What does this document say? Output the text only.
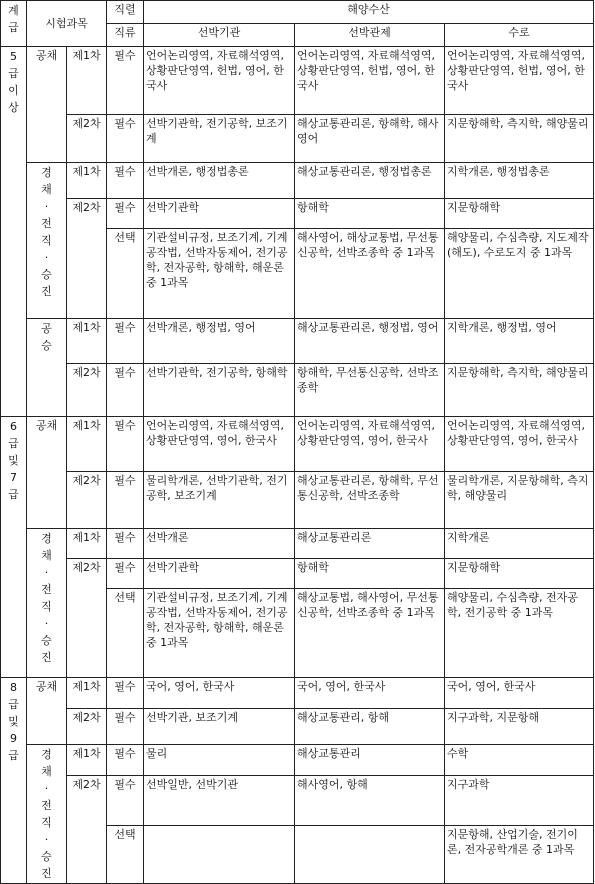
계급	시험과목		직렬	해양수산		
			직류	선박기관	선박관제	수로
5급이상	공채	제1차	필수	언어논리영역, 자료해석영역, 상황판단영역, 헌법, 영어, 한국사	언어논리영역, 자료해석영역, 상황판단영역, 헌법, 영어, 한국사	언어논리영역, 자료해석영역, 상황판단영역, 헌법, 영어, 한국사
		제2차	필수	선박기관학, 전기공학, 보조기계	해상교통관리론, 항해학, 해사영어	지문항해학, 측지학, 해양물리
	경채·전직·승진	제1차	필수	선박개론, 행정법총론	해상교통관리론, 행정법총론	지학개론, 행정법총론
		제2차	필수	선박기관학	항해학	지문항해학
			선택	기관설비규정, 보조기계, 기계공작법, 선박자동제어, 전기공학, 전자공학, 항해학, 해운론 중 1과목	해사영어, 해상교통법, 무선통신공학, 선박조종학 중 1과목	해양물리, 수심측량, 지도제작(해도), 수로도지 중 1과목
	공승	제1차	필수	선박개론, 행정법, 영어	해상교통관리론, 행정법, 영어	지학개론, 행정법, 영어
		제2차	필수	선박기관학, 전기공학, 항해학	항해학, 무선통신공학, 선박조종학	지문항해학, 측지학, 해양물리
6급및7급	공채	제1차	필수	언어논리영역, 자료해석영역, 상황판단영역, 영어, 한국사	언어논리영역, 자료해석영역, 상황판단영역, 영어, 한국사	언어논리영역, 자료해석영역, 상황판단영역, 영어, 한국사
		제2차	필수	물리학개론, 선박기관학, 전기공학, 보조기계	해상교통관리론, 항해학, 무선통신공학, 선박조종학	물리학개론, 지문항해학, 측지학, 해양물리
	경채·전직·승진	제1차	필수	선박개론	해상교통관리론	지학개론
		제2차	필수	선박기관학	항해학	지문항해학
			선택	기관설비규정, 보조기계, 기계공작법, 선박자동제어, 전기공학, 전자공학, 항해학, 해운론 중 1과목	해상교통법, 해사영어, 무선통신공학, 선박조종학 중 1과목	해양물리, 수심측량, 전자공학, 전기공학 중 1과목
8급및9급	공채	제1차	필수	국어, 영어, 한국사	국어, 영어, 한국사	국어, 영어, 한국사
		제2차	필수	선박기관, 보조기계	해상교통관리, 항해	지구과학, 지문항해
	경채·전직·승진	제1차	필수	물리	해상교통관리	수학
		제2차	필수	선박일반, 선박기관	해사영어, 항해	지구과학
			선택			지문항해, 산업기술, 전기이론, 전자공학개론 중 1과목
